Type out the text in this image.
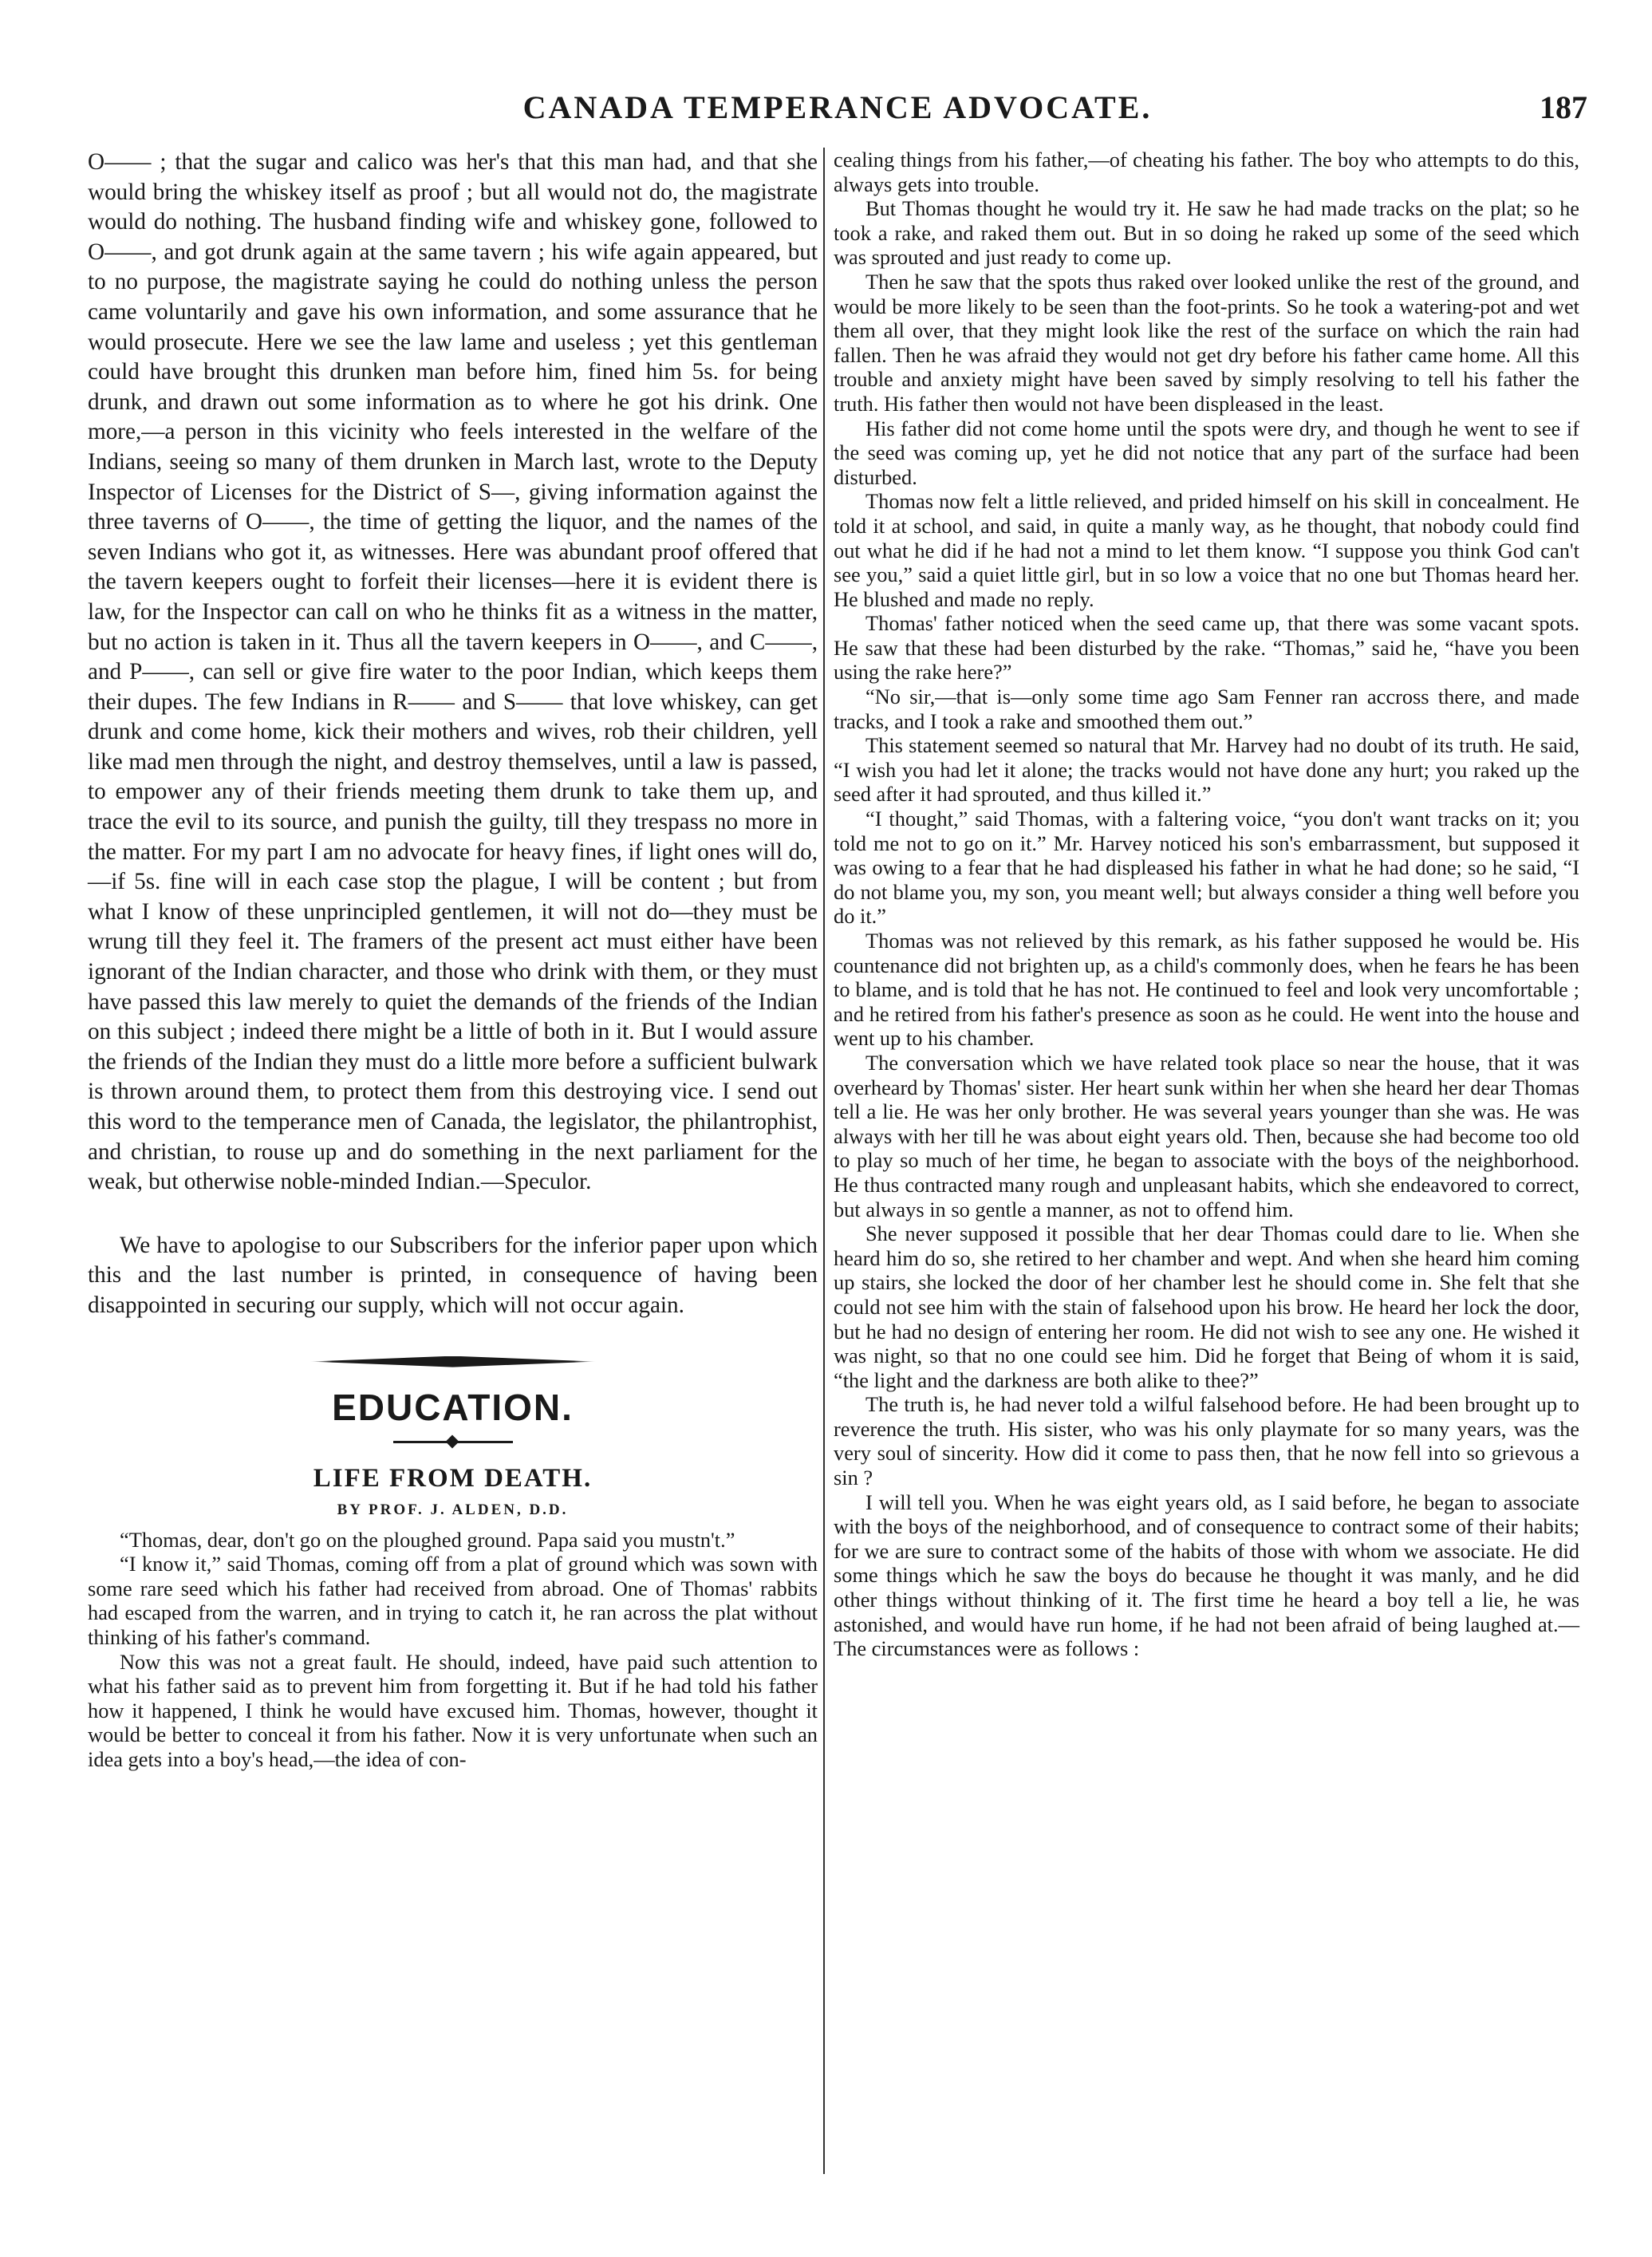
CANADA TEMPERANCE ADVOCATE.	187

O—— ; that the sugar and calico was her's that this man had, and that she would bring the whiskey itself as proof ; but all would not do, the magistrate would do nothing. The husband finding wife and whiskey gone, followed to O——, and got drunk again at the same tavern ; his wife again appeared, but to no purpose, the magistrate saying he could do nothing unless the person came voluntarily and gave his own information, and some assurance that he would prosecute. Here we see the law lame and useless ; yet this gentleman could have brought this drunken man before him, fined him 5s. for being drunk, and drawn out some information as to where he got his drink. One more,—a person in this vicinity who feels interested in the welfare of the Indians, seeing so many of them drunken in March last, wrote to the Deputy Inspector of Licenses for the District of S—, giving information against the three taverns of O——, the time of getting the liquor, and the names of the seven Indians who got it, as witnesses. Here was abundant proof offered that the tavern keepers ought to forfeit their licenses—here it is evident there is law, for the Inspector can call on who he thinks fit as a witness in the matter, but no action is taken in it. Thus all the tavern keepers in O——, and C——, and P——, can sell or give fire water to the poor Indian, which keeps them their dupes. The few Indians in R—— and S—— that love whiskey, can get drunk and come home, kick their mothers and wives, rob their children, yell like mad men through the night, and destroy themselves, until a law is passed, to empower any of their friends meeting them drunk to take them up, and trace the evil to its source, and punish the guilty, till they trespass no more in the matter. For my part I am no advocate for heavy fines, if light ones will do,—if 5s. fine will in each case stop the plague, I will be content ; but from what I know of these unprincipled gentlemen, it will not do—they must be wrung till they feel it. The framers of the present act must either have been ignorant of the Indian character, and those who drink with them, or they must have passed this law merely to quiet the demands of the friends of the Indian on this subject ; indeed there might be a little of both in it. But I would assure the friends of the Indian they must do a little more before a sufficient bulwark is thrown around them, to protect them from this destroying vice. I send out this word to the temperance men of Canada, the legislator, the philantrophist, and christian, to rouse up and do something in the next parliament for the weak, but otherwise noble-minded Indian.—Speculor.

We have to apologise to our Subscribers for the inferior paper upon which this and the last number is printed, in consequence of having been disappointed in securing our supply, which will not occur again.

EDUCATION.
LIFE FROM DEATH.
BY PROF. J. ALDEN, D.D.

“Thomas, dear, don't go on the ploughed ground. Papa said you mustn't.”

“I know it,” said Thomas, coming off from a plat of ground which was sown with some rare seed which his father had received from abroad. One of Thomas' rabbits had escaped from the warren, and in trying to catch it, he ran across the plat without thinking of his father's command.

Now this was not a great fault. He should, indeed, have paid such attention to what his father said as to prevent him from forgetting it. But if he had told his father how it happened, I think he would have excused him. Thomas, however, thought it would be better to conceal it from his father. Now it is very unfortunate when such an idea gets into a boy's head,—the idea of con-

cealing things from his father,—of cheating his father. The boy who attempts to do this, always gets into trouble.

But Thomas thought he would try it. He saw he had made tracks on the plat; so he took a rake, and raked them out. But in so doing he raked up some of the seed which was sprouted and just ready to come up.

Then he saw that the spots thus raked over looked unlike the rest of the ground, and would be more likely to be seen than the foot-prints. So he took a watering-pot and wet them all over, that they might look like the rest of the surface on which the rain had fallen. Then he was afraid they would not get dry before his father came home. All this trouble and anxiety might have been saved by simply resolving to tell his father the truth. His father then would not have been displeased in the least.

His father did not come home until the spots were dry, and though he went to see if the seed was coming up, yet he did not notice that any part of the surface had been disturbed.

Thomas now felt a little relieved, and prided himself on his skill in concealment. He told it at school, and said, in quite a manly way, as he thought, that nobody could find out what he did if he had not a mind to let them know. “I suppose you think God can't see you,” said a quiet little girl, but in so low a voice that no one but Thomas heard her. He blushed and made no reply.

Thomas' father noticed when the seed came up, that there was some vacant spots. He saw that these had been disturbed by the rake. “Thomas,” said he, “have you been using the rake here?”

“No sir,—that is—only some time ago Sam Fenner ran accross there, and made tracks, and I took a rake and smoothed them out.”

This statement seemed so natural that Mr. Harvey had no doubt of its truth. He said, “I wish you had let it alone; the tracks would not have done any hurt; you raked up the seed after it had sprouted, and thus killed it.”

“I thought,” said Thomas, with a faltering voice, “you don't want tracks on it; you told me not to go on it.” Mr. Harvey noticed his son's embarrassment, but supposed it was owing to a fear that he had displeased his father in what he had done; so he said, “I do not blame you, my son, you meant well; but always consider a thing well before you do it.”

Thomas was not relieved by this remark, as his father supposed he would be. His countenance did not brighten up, as a child's commonly does, when he fears he has been to blame, and is told that he has not. He continued to feel and look very uncomfortable ; and he retired from his father's presence as soon as he could. He went into the house and went up to his chamber.

The conversation which we have related took place so near the house, that it was overheard by Thomas' sister. Her heart sunk within her when she heard her dear Thomas tell a lie. He was her only brother. He was several years younger than she was. He was always with her till he was about eight years old. Then, because she had become too old to play so much of her time, he began to associate with the boys of the neighborhood. He thus contracted many rough and unpleasant habits, which she endeavored to correct, but always in so gentle a manner, as not to offend him.

She never supposed it possible that her dear Thomas could dare to lie. When she heard him do so, she retired to her chamber and wept. And when she heard him coming up stairs, she locked the door of her chamber lest he should come in. She felt that she could not see him with the stain of falsehood upon his brow. He heard her lock the door, but he had no design of entering her room. He did not wish to see any one. He wished it was night, so that no one could see him. Did he forget that Being of whom it is said, “the light and the darkness are both alike to thee?”

The truth is, he had never told a wilful falsehood before. He had been brought up to reverence the truth. His sister, who was his only playmate for so many years, was the very soul of sincerity. How did it come to pass then, that he now fell into so grievous a sin ?

I will tell you. When he was eight years old, as I said before, he began to associate with the boys of the neighborhood, and of consequence to contract some of their habits; for we are sure to contract some of the habits of those with whom we associate. He did some things which he saw the boys do because he thought it was manly, and he did other things without thinking of it. The first time he heard a boy tell a lie, he was astonished, and would have run home, if he had not been afraid of being laughed at.—The circumstances were as follows :
